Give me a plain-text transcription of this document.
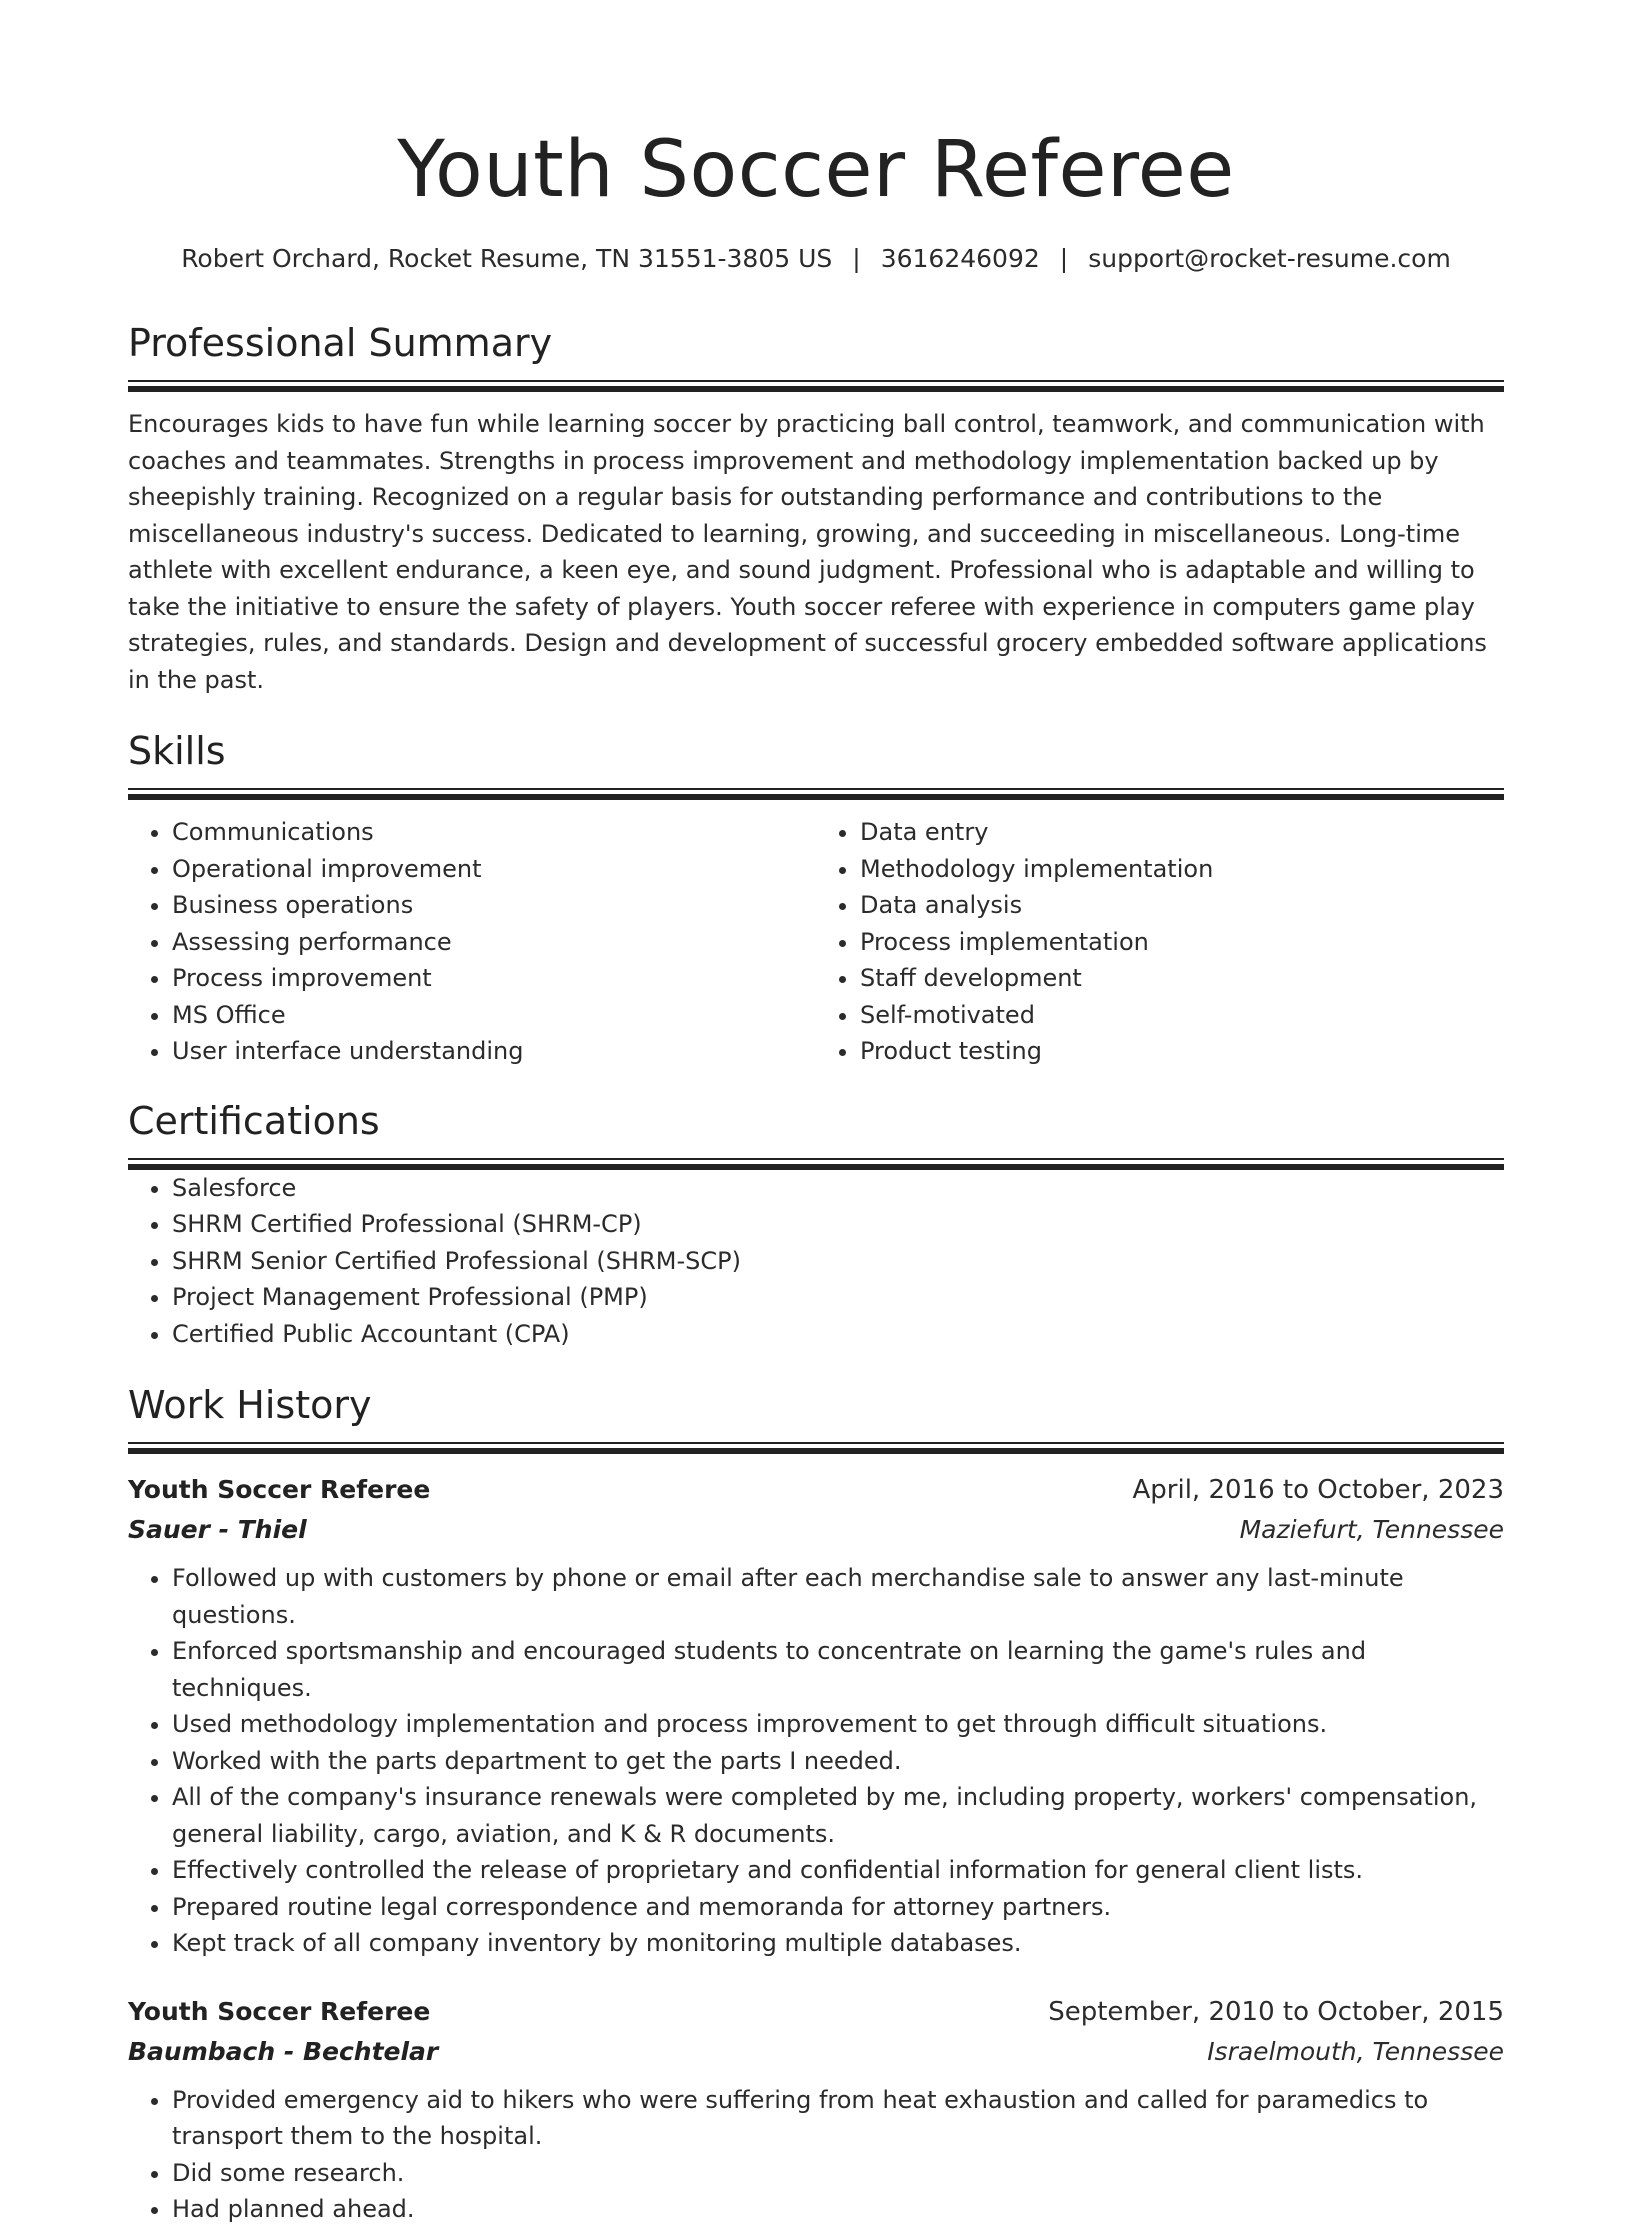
Youth Soccer Referee
Robert Orchard, Rocket Resume, TN 31551-3805 US | 3616246092 | support@rocket-resume.com
Professional Summary

Encourages kids to have fun while learning soccer by practicing ball control, teamwork, and communication with coaches and teammates. Strengths in process improvement and methodology implementation backed up by sheepishly training. Recognized on a regular basis for outstanding performance and contributions to the miscellaneous industry's success. Dedicated to learning, growing, and succeeding in miscellaneous. Long-time athlete with excellent endurance, a keen eye, and sound judgment. Professional who is adaptable and willing to take the initiative to ensure the safety of players. Youth soccer referee with experience in computers game play strategies, rules, and standards. Design and development of successful grocery embedded software applications in the past.

Skills
• Communications
• Operational improvement
• Business operations
• Assessing performance
• Process improvement
• MS Office
• User interface understanding
• Data entry
• Methodology implementation
• Data analysis
• Process implementation
• Staff development
• Self-motivated
• Product testing
Certifications
• Salesforce
• SHRM Certified Professional (SHRM-CP)
• SHRM Senior Certified Professional (SHRM-SCP)
• Project Management Professional (PMP)
• Certified Public Accountant (CPA)
Work History
Youth Soccer Referee	April, 2016 to October, 2023
Sauer - Thiel	Maziefurt, Tennessee
• Followed up with customers by phone or email after each merchandise sale to answer any last-minute questions.
• Enforced sportsmanship and encouraged students to concentrate on learning the game's rules and techniques.
• Used methodology implementation and process improvement to get through difficult situations.
• Worked with the parts department to get the parts I needed.
• All of the company's insurance renewals were completed by me, including property, workers' compensation, general liability, cargo, aviation, and K & R documents.
• Effectively controlled the release of proprietary and confidential information for general client lists.
• Prepared routine legal correspondence and memoranda for attorney partners.
• Kept track of all company inventory by monitoring multiple databases.
Youth Soccer Referee	September, 2010 to October, 2015
Baumbach - Bechtelar	Israelmouth, Tennessee
• Provided emergency aid to hikers who were suffering from heat exhaustion and called for paramedics to transport them to the hospital.
• Did some research.
• Had planned ahead.
